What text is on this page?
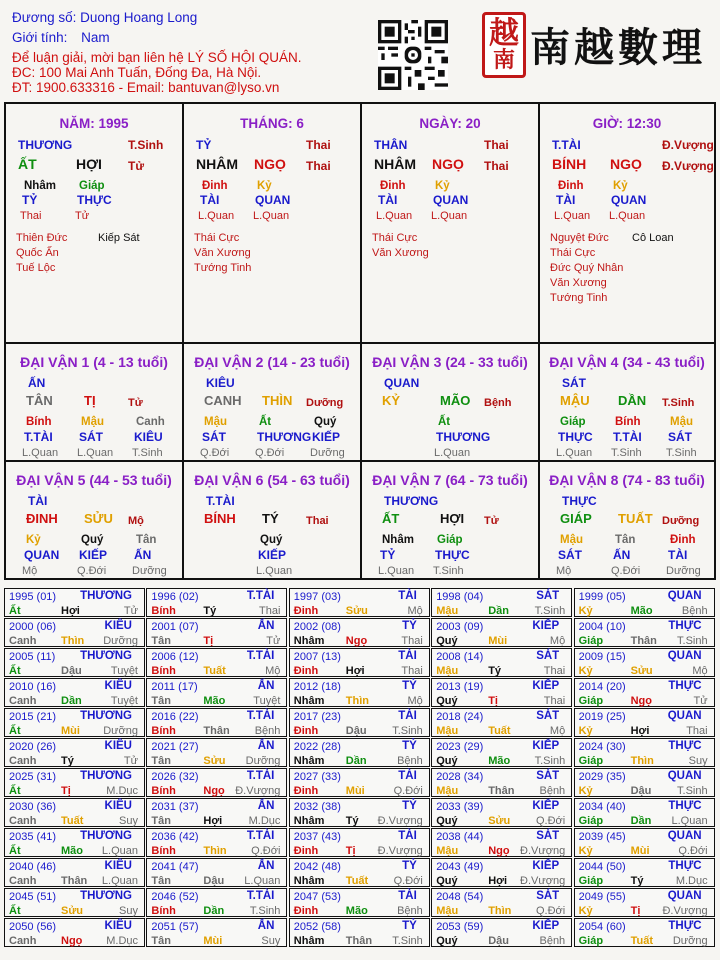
Đương số: Duong Hoang Long
Giới tính: Nam
Để luận giải, mời bạn liên hệ LÝ SỐ HỘI QUÁN.
ĐC: 100 Mai Anh Tuấn, Đống Đa, Hà Nội.
ĐT: 1900.633316 - Email: bantuvan@lyso.vn
越
南 南越數理
NĂM: 1995
THƯƠNG	T.Sinh
ẤT	HỢI Tử
Nhâm
TỶ
Thai
Giáp
THỰC
Tử
Thiên Đức
Quốc Ấn
Tuế Lộc
Kiếp Sát
THÁNG: 6
TỶ	Thai
NHÂM NGỌ Thai
Đinh
TÀI
L.Quan
Kỷ
QUAN
L.Quan
Thái Cực
Văn Xương
Tướng Tinh
NGÀY: 20
THÂN	Thai
NHÂM NGỌ Thai
Đinh
TÀI
L.Quan
Kỷ
QUAN
L.Quan
Thái Cực
Văn Xương
GIỜ: 12:30
T.TÀI	Đ.Vượng
BÍNH NGỌ Đ.Vượng
Đinh
TÀI
L.Quan
Kỷ
QUAN
L.Quan
Nguyệt Đức
Thái Cực
Đức Quý Nhân
Văn Xương
Tướng Tinh
Cô Loan
ĐẠI VẬN 1 (4 - 13 tuổi)
ẤN
TÂN TỊ	Tử
Bính
T.TÀI
L.Quan
Mậu
SÁT
L.Quan
Canh
KIÊU
T.Sinh
ĐẠI VẬN 2 (14 - 23 tuổi)
KIÊU
CANH THÌN Dưỡng
Mậu
SÁT
Q.Đới
Ất
THƯƠNG
Q.Đới
Quý
KIẾP
Dưỡng
ĐẠI VẬN 3 (24 - 33 tuổi)
QUAN
KỶ	MÃO Bệnh
Ất
THƯƠNG
L.Quan
ĐẠI VẬN 4 (34 - 43 tuổi)
SÁT
MẬU DẦN T.Sinh
Giáp
THỰC
L.Quan
Bính
T.TÀI
T.Sinh
Mậu
SÁT
T.Sinh
ĐẠI VẬN 5 (44 - 53 tuổi)
TÀI
ĐINH SỬU Mộ
Kỷ
QUAN
Mộ
Quý
KIẾP
Q.Đới
Tân
ẤN
Dưỡng
ĐẠI VẬN 6 (54 - 63 tuổi)
T.TÀI
BÍNH TÝ Thai
Quý
KIẾP
L.Quan
ĐẠI VẬN 7 (64 - 73 tuổi)
THƯƠNG
ẤT	HỢI Tử
Nhâm
TỶ
L.Quan
Giáp
THỰC
T.Sinh
ĐẠI VẬN 8 (74 - 83 tuổi)
THỰC
GIÁP TUẤT Dưỡng
Mậu
SÁT
Mộ
Tân
ẤN
Q.Đới
Đinh
TÀI
Dưỡng
1995 (01) THƯƠNG
Ất	Hợi	Tử
1996 (02)	T.TÀI
Bính	Tý	Thai
1997 (03)	TÀI
Đinh	Sửu	Mộ
1998 (04)	SÁT
Mậu	Dần T.Sinh
1999 (05)	QUAN
Kỷ	Mão	Bệnh
2000 (06)	KIÊU
Canh Thìn Dưỡng
2001 (07)	ẤN
Tân	Tị	Tử
2002 (08)	TỶ
Nhâm Ngọ	Thai
2003 (09)	KIẾP
Quý	Mùi	Mộ
2004 (10)	THỰC
Giáp	Thân T.Sinh
2005 (11) THƯƠNG
Ất	Dậu	Tuyệt
2006 (12)	T.TÀI
Bính	Tuất	Mộ
2007 (13)	TÀI
Đinh	Hợi	Thai
2008 (14)	SÁT
Mậu	Tý	Thai
2009 (15)	QUAN
Kỷ	Sửu	Mộ
2010 (16)	KIÊU
Canh Dần	Tuyệt
2011 (17)	ẤN
Tân	Mão	Tuyệt
2012 (18)	TỶ
Nhâm Thìn	Mộ
2013 (19)	KIẾP
Quý	Tị	Thai
2014 (20)	THỰC
Giáp	Ngọ	Tử
2015 (21) THƯƠNG
Ất	Mùi Dưỡng
2016 (22)	T.TÀI
Bính	Thân Bệnh
2017 (23)	TÀI
Đinh	Dậu T.Sinh
2018 (24)	SÁT
Mậu	Tuất	Mộ
2019 (25)	QUAN
Kỷ	Hợi	Thai
2020 (26)	KIÊU
Canh Tý	Tử
2021 (27)	ẤN
Tân	Sửu Dưỡng
2022 (28)	TỶ
Nhâm Dần	Bệnh
2023 (29)	KIẾP
Quý	Mão T.Sinh
2024 (30)	THỰC
Giáp	Thìn	Suy
2025 (31) THƯƠNG
Ất	Tị	M.Dục
2026 (32)	T.TÀI
Bính	Ngọ Đ.Vượng
2027 (33)	TÀI
Đinh	Mùi	Q.Đới
2028 (34)	SÁT
Mậu	Thân Bệnh
2029 (35)	QUAN
Kỷ	Dậu T.Sinh
2030 (36)	KIÊU
Canh Tuất	Suy
2031 (37)	ẤN
Tân	Hợi M.Dục
2032 (38)	TỶ
Nhâm Tý Đ.Vượng
2033 (39)	KIẾP
Quý	Sửu Q.Đới
2034 (40)	THỰC
Giáp	Dần L.Quan
2035 (41) THƯƠNG
Ất	Mão L.Quan
2036 (42)	T.TÀI
Bính	Thìn Q.Đới
2037 (43)	TÀI
Đinh	Tị Đ.Vượng
2038 (44)	SÁT
Mậu	Ngọ Đ.Vượng
2039 (45)	QUAN
Kỷ	Mùi	Q.Đới
2040 (46)	KIÊU
Canh Thân L.Quan
2041 (47)	ẤN
Tân	Dậu L.Quan
2042 (48)	TỶ
Nhâm Tuất Q.Đới
2043 (49)	KIẾP
Quý	Hợi Đ.Vượng
2044 (50)	THỰC
Giáp	Tý	M.Dục
2045 (51) THƯƠNG
Ất	Sửu	Suy
2046 (52)	T.TÀI
Bính	Dần T.Sinh
2047 (53)	TÀI
Đinh	Mão	Bệnh
2048 (54)	SÁT
Mậu	Thìn Q.Đới
2049 (55)	QUAN
Kỷ	Tị Đ.Vượng
2050 (56)	KIÊU
Canh Ngọ M.Dục
2051 (57)	ẤN
Tân	Mùi	Suy
2052 (58)	TỶ
Nhâm Thân T.Sinh
2053 (59)	KIẾP
Quý	Dậu	Bệnh
2054 (60)	THỰC
Giáp	Tuất Dưỡng
